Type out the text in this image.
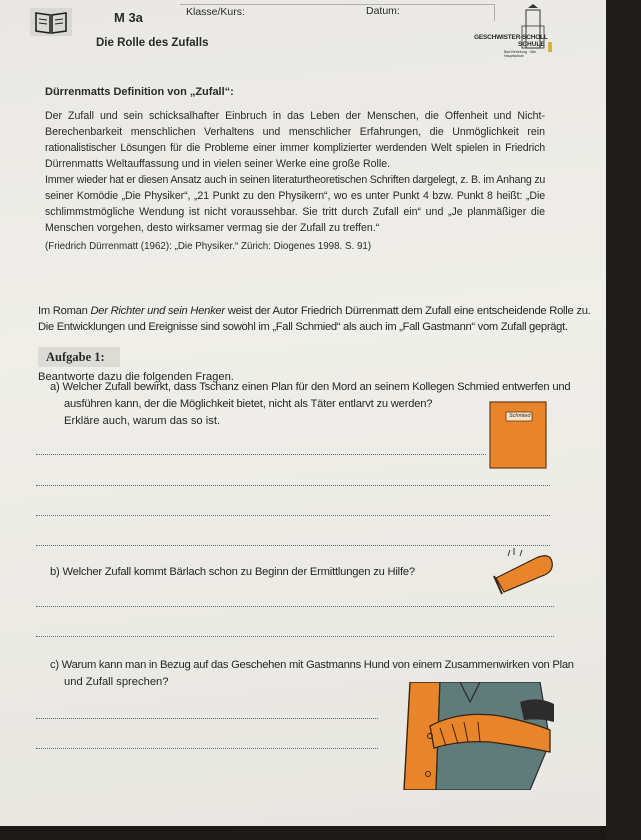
M 3a	Klasse/Kurs:	Datum:
Die Rolle des Zufalls	GESCHWISTER-SCHOLL
SCHULE
Bad Berleburg · Alte Hauptschule
Dürrenmatts Definition von „Zufall“:
Der Zufall und sein schicksalhafter Einbruch in das Leben der Menschen, die Offenheit und Nicht-
Berechenbarkeit menschlichen Verhaltens und menschlicher Erfahrungen, die Unmöglichkeit rein
rationalistischer Lösungen für die Probleme einer immer komplizierter werdenden Welt spielen in Friedrich
Dürrenmatts Weltauffassung und in vielen seiner Werke eine große Rolle.
Immer wieder hat er diesen Ansatz auch in seinen literaturtheoretischen Schriften dargelegt, z. B. im Anhang zu
seiner Komödie „Die Physiker“, „21 Punkt zu den Physikern“, wo es unter Punkt 4 bzw. Punkt 8 heißt: „Die
schlimmstmögliche Wendung ist nicht voraussehbar. Sie tritt durch Zufall ein“ und „Je planmäßiger die
Menschen vorgehen, desto wirksamer vermag sie der Zufall zu treffen.“
(Friedrich Dürrenmatt (1962): „Die Physiker.“ Zürich: Diogenes 1998. S. 91)
Im Roman Der Richter und sein Henker weist der Autor Friedrich Dürrenmatt dem Zufall eine entscheidende Rolle zu.
Die Entwicklungen und Ereignisse sind sowohl im „Fall Schmied“ als auch im „Fall Gastmann“ vom Zufall geprägt.
Aufgabe 1:
Beantworte dazu die folgenden Fragen.
a) Welcher Zufall bewirkt, dass Tschanz einen Plan für den Mord an seinem Kollegen Schmied entwerfen und
ausführen kann, der die Möglichkeit bietet, nicht als Täter entlarvt zu werden?
Erkläre auch, warum das so ist.	Schmied
b) Welcher Zufall kommt Bärlach schon zu Beginn der Ermittlungen zu Hilfe?
c) Warum kann man in Bezug auf das Geschehen mit Gastmanns Hund von einem Zusammenwirken von Plan
und Zufall sprechen?
